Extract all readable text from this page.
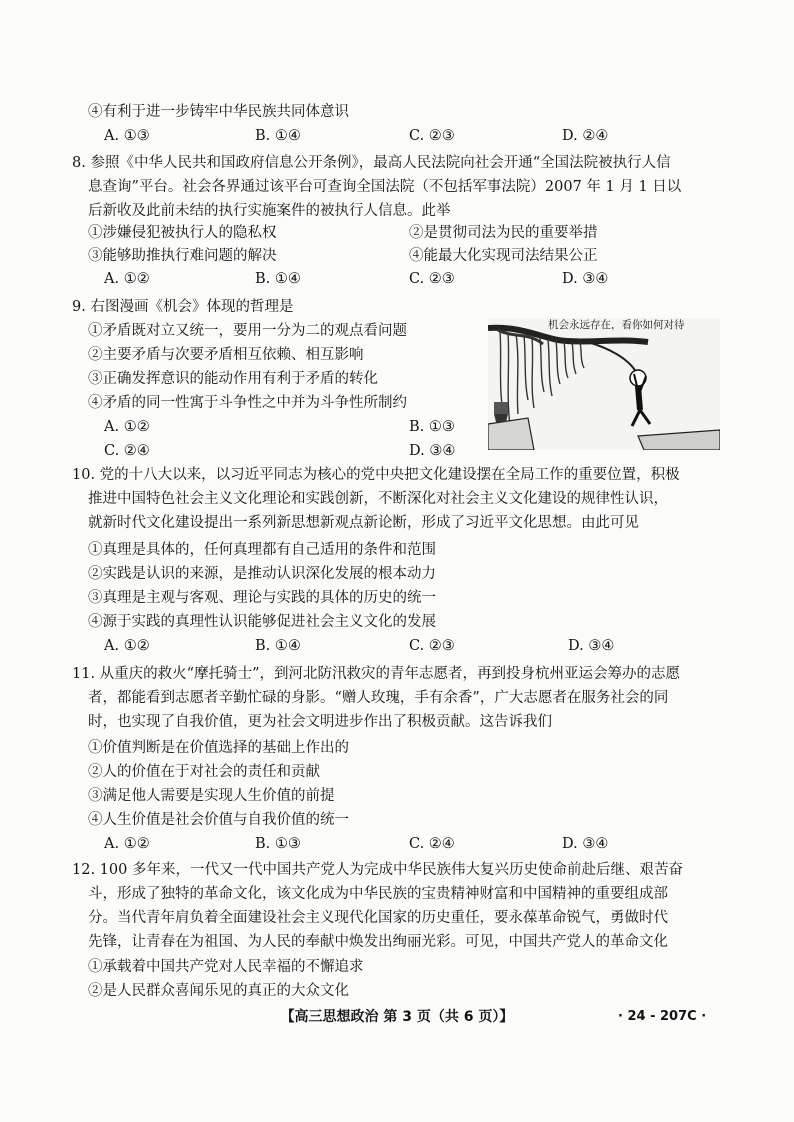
④有利于进一步铸牢中华民族共同体意识
A. ①③	B. ①④	C. ②③	D. ②④
8. 参照《中华人民共和国政府信息公开条例》，最高人民法院向社会开通“全国法院被执行人信
息查询”平台。社会各界通过该平台可查询全国法院（不包括军事法院）2007 年 1 月 1 日以
后新收及此前未结的执行实施案件的被执行人信息。此举
①涉嫌侵犯被执行人的隐私权	②是贯彻司法为民的重要举措
③能够助推执行难问题的解决	④能最大化实现司法结果公正
A. ①②	B. ①④	C. ②③	D. ③④
9. 右图漫画《机会》体现的哲理是
①矛盾既对立又统一，要用一分为二的观点看问题
②主要矛盾与次要矛盾相互依赖、相互影响
③正确发挥意识的能动作用有利于矛盾的转化
④矛盾的同一性寓于斗争性之中并为斗争性所制约
A. ①②	B. ①③
C. ②④	D. ③④
机会永远存在，看你如何对待
10. 党的十八大以来，以习近平同志为核心的党中央把文化建设摆在全局工作的重要位置，积极
推进中国特色社会主义文化理论和实践创新，不断深化对社会主义文化建设的规律性认识，
就新时代文化建设提出一系列新思想新观点新论断，形成了习近平文化思想。由此可见
①真理是具体的，任何真理都有自己适用的条件和范围
②实践是认识的来源，是推动认识深化发展的根本动力
③真理是主观与客观、理论与实践的具体的历史的统一
④源于实践的真理性认识能够促进社会主义文化的发展
A. ①②	B. ①④	C. ②③	D. ③④
11. 从重庆的救火“摩托骑士”，到河北防汛救灾的青年志愿者，再到投身杭州亚运会筹办的志愿
者，都能看到志愿者辛勤忙碌的身影。“赠人玫瑰，手有余香”，广大志愿者在服务社会的同
时，也实现了自我价值，更为社会文明进步作出了积极贡献。这告诉我们
①价值判断是在价值选择的基础上作出的
②人的价值在于对社会的责任和贡献
③满足他人需要是实现人生价值的前提
④人生价值是社会价值与自我价值的统一
A. ①②	B. ①③	C. ②④	D. ③④
12. 100 多年来，一代又一代中国共产党人为完成中华民族伟大复兴历史使命前赴后继、艰苦奋
斗，形成了独特的革命文化，该文化成为中华民族的宝贵精神财富和中国精神的重要组成部
分。当代青年肩负着全面建设社会主义现代化国家的历史重任，要永葆革命锐气，勇做时代
先锋，让青春在为祖国、为人民的奉献中焕发出绚丽光彩。可见，中国共产党人的革命文化
①承载着中国共产党对人民幸福的不懈追求
②是人民群众喜闻乐见的真正的大众文化
【高三思想政治 第 3 页（共 6 页）】	· 24 - 207C ·
